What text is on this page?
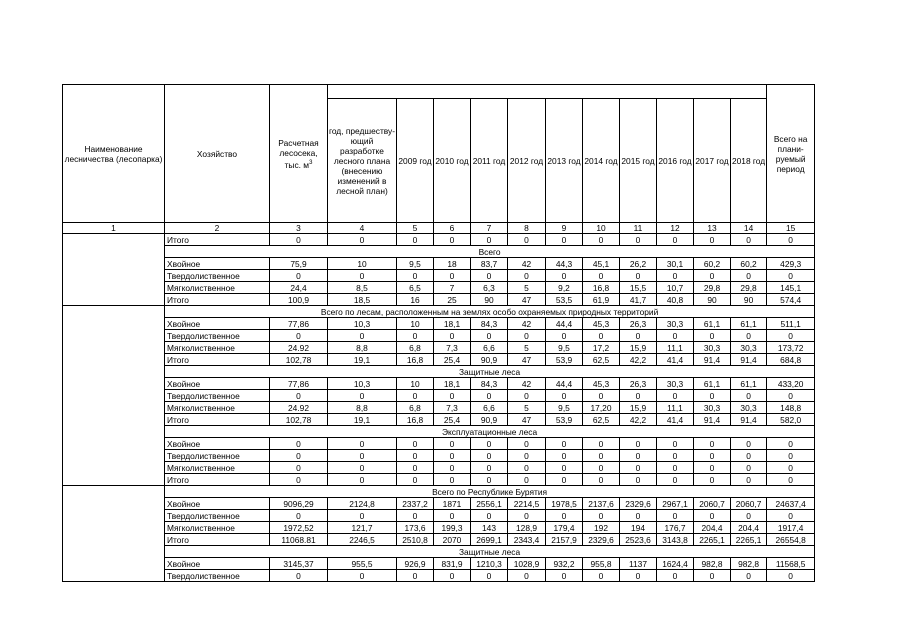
Наименование лесничества (лесопарка)	Хозяйство	Расчетная лесосека,
тыс. $м^3$												Всего на плани-руемый период
			год, предшеству-ющий разработке лесного плана (внесению изменений в лесной план)	2009 год	2010 год	2011 год	2012 год	2013 год	2014 год	2015 год	2016 год	2017 год	2018 год	
1	2	3	4	5	6	7	8	9	10	11	12	13	14	15
	Итого	0	0	0	0	0	0	0	0	0	0	0	0	0
	Всего													
	Хвойное	75,9	10	9,5	18	83,7	42	44,3	45,1	26,2	30,1	60,2	60,2	429,3
	Твердолиственное	0	0	0	0	0	0	0	0	0	0	0	0	0
	Мягколиственное	24,4	8,5	6,5	7	6,3	5	9,2	16,8	15,5	10,7	29,8	29,8	145,1
	Итого	100,9	18,5	16	25	90	47	53,5	61,9	41,7	40,8	90	90	574,4
	Всего по лесам, расположенным на землях особо охраняемых природных территорий													
	Хвойное	77,86	10,3	10	18,1	84,3	42	44,4	45,3	26,3	30,3	61,1	61,1	511,1
	Твердолиственное	0	0	0	0	0	0	0	0	0	0	0	0	0
	Мягколиственное	24.92	8,8	6,8	7,3	6,6	5	9,5	17,2	15,9	11,1	30,3	30,3	173,72
	Итого	102,78	19,1	16,8	25,4	90,9	47	53,9	62,5	42,2	41,4	91,4	91,4	684,8
	Защитные леса													
	Хвойное	77,86	10,3	10	18,1	84,3	42	44,4	45,3	26,3	30,3	61,1	61,1	433,20
	Твердолиственное	0	0	0	0	0	0	0	0	0	0	0	0	0
	Мягколиственное	24.92	8,8	6,8	7,3	6,6	5	9,5	17,20	15,9	11,1	30,3	30,3	148,8
	Итого	102,78	19,1	16,8	25,4	90,9	47	53,9	62,5	42,2	41,4	91,4	91,4	582,0
	Эксплуатационные леса													
	Хвойное	0	0	0	0	0	0	0	0	0	0	0	0	0
	Твердолиственное	0	0	0	0	0	0	0	0	0	0	0	0	0
	Мягколиственное	0	0	0	0	0	0	0	0	0	0	0	0	0
	Итого	0	0	0	0	0	0	0	0	0	0	0	0	0
	Всего по Республике Бурятия													
	Хвойное	9096,29	2124,8	2337,2	1871	2556,1	2214,5	1978,5	2137,6	2329,6	2967,1	2060,7	2060,7	24637,4
	Твердолиственное	0	0	0	0	0	0	0	0	0	0	0	0	0
	Мягколиственное	1972,52	121,7	173,6	199,3	143	128,9	179,4	192	194	176,7	204,4	204,4	1917,4
	Итого	11068.81	2246,5	2510,8	2070	2699,1	2343,4	2157,9	2329,6	2523,6	3143,8	2265,1	2265,1	26554,8
	Защитные леса													
	Хвойное	3145,37	955,5	926,9	831,9	1210,3	1028,9	932,2	955,8	1137	1624,4	982,8	982,8	11568,5
	Твердолиственное	0	0	0	0	0	0	0	0	0	0	0	0	0
